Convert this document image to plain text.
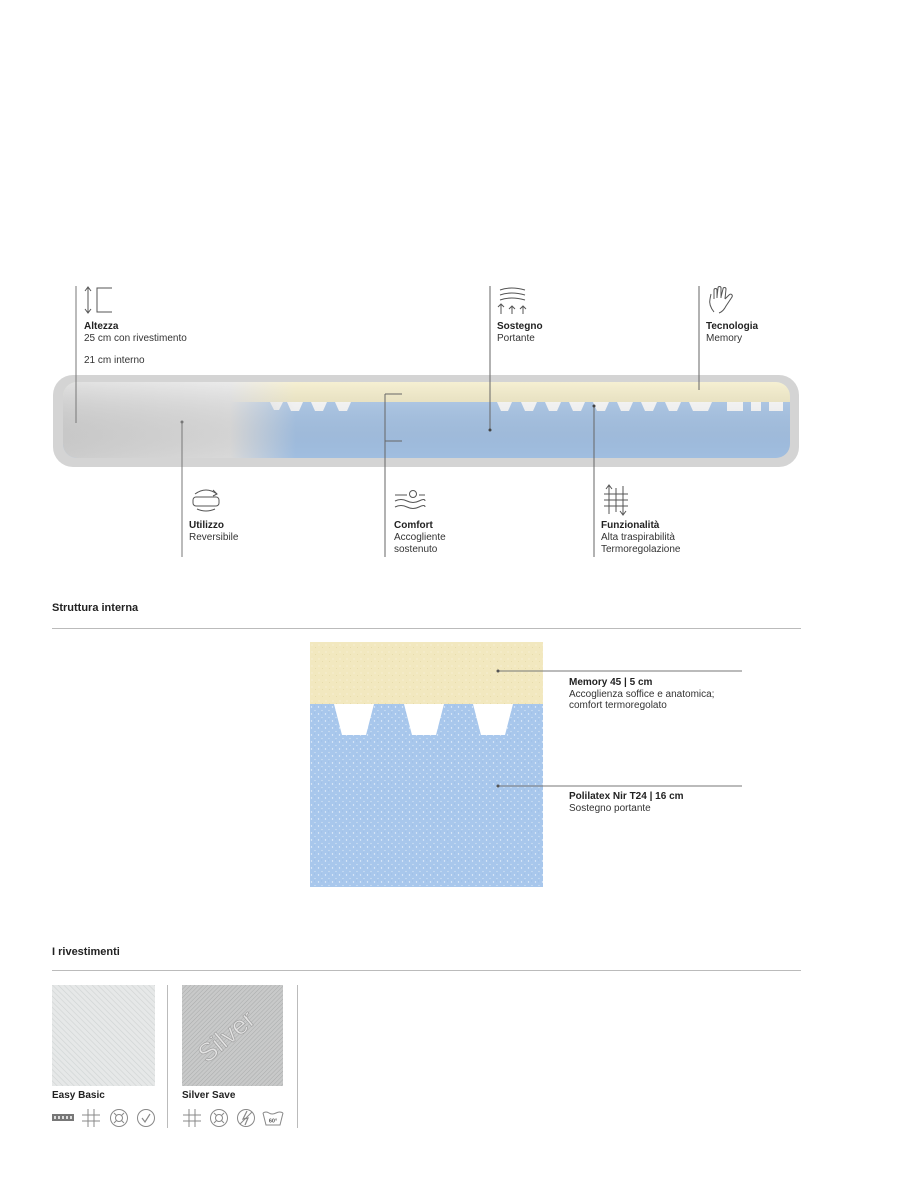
Altezza
25 cm con rivestimento
21 cm interno
Sostegno
Portante
Tecnologia
Memory
Utilizzo
Reversibile
Comfort
Accogliente
sostenuto
Funzionalità
Alta traspirabilità
Termoregolazione
Struttura interna
Memory 45 | 5 cm
Accoglienza soffice e anatomica;
comfort termoregolato
Polilatex Nir T24 | 16 cm
Sostegno portante
I rivestimenti
Easy Basic
Silver
Silver Save
60°
